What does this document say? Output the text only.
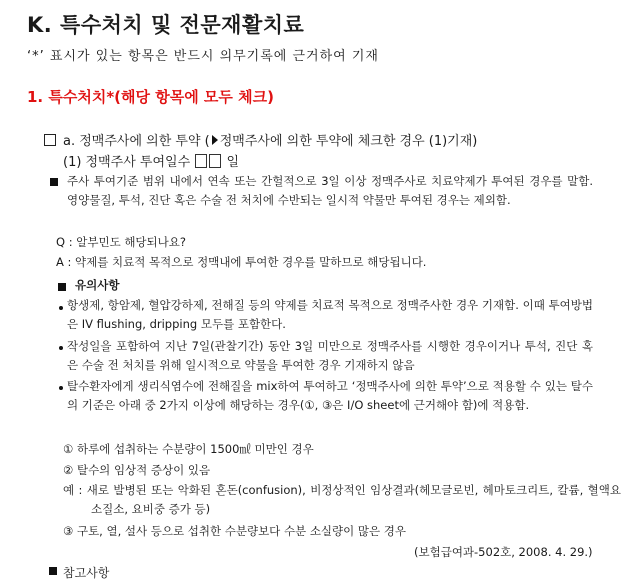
K. 특수처치 및 전문재활치료
‘*’ 표시가 있는 항목은 반드시 의무기록에 근거하여 기재
1. 특수처치*(해당 항목에 모두 체크)
a. 정맥주사에 의한 투약 ( 정맥주사에 의한 투약에 체크한 경우 (1)기재)
(1) 정맥주사 투여일수	일
주사 투여기준 범위 내에서 연속 또는 간헐적으로 3일 이상 정맥주사로 치료약제가 투여된 경우를 말함. 영양물질, 투석, 진단 혹은 수술 전 처치에 수반되는 일시적 약물만 투여된 경우는 제외함.
Q : 알부민도 해당되나요?
A : 약제를 치료적 목적으로 정맥내에 투여한 경우를 말하므로 해당됩니다.
유의사항
항생제, 항암제, 혈압강하제, 전해질 등의 약제를 치료적 목적으로 정맥주사한 경우 기재함. 이때 투여방법은 IV flushing, dripping 모두를 포함한다.
작성일을 포함하여 지난 7일(관찰기간) 동안 3일 미만으로 정맥주사를 시행한 경우이거나 투석, 진단 혹은 수술 전 처치를 위해 일시적으로 약물을 투여한 경우 기재하지 않음
탈수환자에게 생리식염수에 전해질을 mix하여 투여하고 ‘정맥주사에 의한 투약’으로 적용할 수 있는 탈수의 기준은 아래 중 2가지 이상에 해당하는 경우(①, ③은 I/O sheet에 근거해야 함)에 적용함.
① 하루에 섭취하는 수분량이 1500㎖ 미만인 경우
② 탈수의 임상적 증상이 있음
예 : 새로 발병된 또는 악화된 혼돈(confusion), 비정상적인 임상결과(헤모글로빈, 헤마토크리트, 칼륨, 혈액요소질소, 요비중 증가 등)
③ 구토, 열, 설사 등으로 섭취한 수분량보다 수분 소실량이 많은 경우
(보험급여과-502호, 2008. 4. 29.)
참고사항
